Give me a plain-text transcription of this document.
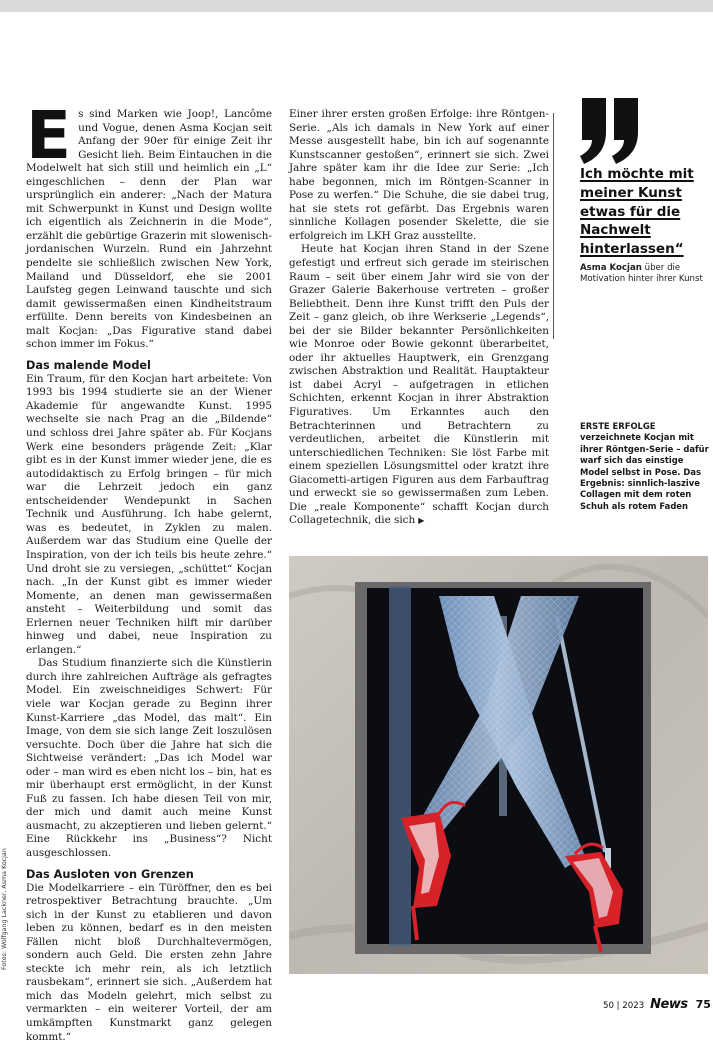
Es sind Marken wie Joop!, Lancôme und Vogue, denen Asma Kocjan seit Anfang der 90er für einige Zeit ihr Gesicht lieh. Beim Eintauchen in die Modelwelt hat sich still und heimlich ein „L“ eingeschlichen – denn der Plan war ursprünglich ein anderer: „Nach der Matura mit Schwerpunkt in Kunst und Design wollte ich eigentlich als Zeichnerin in die Mode“, erzählt die gebürtige Grazerin mit slowenisch-jordanischen Wurzeln. Rund ein Jahrzehnt pendelte sie schließlich zwischen New York, Mailand und Düsseldorf, ehe sie 2001 Laufsteg gegen Leinwand tauschte und sich damit gewissermaßen einen Kindheitstraum erfüllte. Denn bereits von Kindesbeinen an malt Kocjan: „Das Figurative stand dabei schon immer im Fokus.“

Das malende Model

Ein Traum, für den Kocjan hart arbeitete: Von 1993 bis 1994 studierte sie an der Wiener Akademie für angewandte Kunst. 1995 wechselte sie nach Prag an die „Bildende“ und schloss drei Jahre später ab. Für Kocjans Werk eine besonders prägende Zeit: „Klar gibt es in der Kunst immer wieder jene, die es autodidaktisch zu Erfolg bringen – für mich war die Lehrzeit jedoch ein ganz entscheidender Wendepunkt in Sachen Technik und Ausführung. Ich habe gelernt, was es bedeutet, in Zyklen zu malen. Außerdem war das Studium eine Quelle der Inspiration, von der ich teils bis heute zehre.“ Und droht sie zu versiegen, „schüttet“ Kocjan nach. „In der Kunst gibt es immer wieder Momente, an denen man gewissermaßen ansteht – Weiterbildung und somit das Erlernen neuer Techniken hilft mir darüber hinweg und dabei, neue Inspiration zu erlangen.“

Das Studium finanzierte sich die Künstlerin durch ihre zahlreichen Aufträge als gefragtes Model. Ein zweischneidiges Schwert: Für viele war Kocjan gerade zu Beginn ihrer Kunst-Karriere „das Model, das malt“. Ein Image, von dem sie sich lange Zeit loszulösen versuchte. Doch über die Jahre hat sich die Sichtweise verändert: „Das ich Model war oder – man wird es eben nicht los – bin, hat es mir überhaupt erst ermöglicht, in der Kunst Fuß zu fassen. Ich habe diesen Teil von mir, der mich und damit auch meine Kunst ausmacht, zu akzeptieren und lieben gelernt.“ Eine Rückkehr ins „Business“? Nicht ausgeschlossen.

Das Ausloten von Grenzen

Die Modelkarriere – ein Türöffner, den es bei retrospektiver Betrachtung brauchte. „Um sich in der Kunst zu etablieren und davon leben zu können, bedarf es in den meisten Fällen nicht bloß Durchhaltevermögen, sondern auch Geld. Die ersten zehn Jahre steckte ich mehr rein, als ich letztlich rausbekam“, erinnert sie sich. „Außerdem hat mich das Modeln gelehrt, mich selbst zu vermarkten – ein weiterer Vorteil, der am umkämpften Kunstmarkt ganz gelegen kommt.“

Einer ihrer ersten großen Erfolge: ihre Röntgen-Serie. „Als ich damals in New York auf einer Messe ausgestellt habe, bin ich auf sogenannte Kunstscanner gestoßen“, erinnert sie sich. Zwei Jahre später kam ihr die Idee zur Serie: „Ich habe begonnen, mich im Röntgen-Scanner in Pose zu werfen.“ Die Schuhe, die sie dabei trug, hat sie stets rot gefärbt. Das Ergebnis waren sinnliche Kollagen posender Skelette, die sie erfolgreich im LKH Graz ausstellte.

Heute hat Kocjan ihren Stand in der Szene gefestigt und erfreut sich gerade im steirischen Raum – seit über einem Jahr wird sie von der Grazer Galerie Bakerhouse vertreten – großer Beliebtheit. Denn ihre Kunst trifft den Puls der Zeit – ganz gleich, ob ihre Werkserie „Legends“, bei der sie Bilder bekannter Persönlichkeiten wie Monroe oder Bowie gekonnt überarbeitet, oder ihr aktuelles Hauptwerk, ein Grenzgang zwischen Abstraktion und Realität. Hauptakteur ist dabei Acryl – aufgetragen in etlichen Schichten, erkennt Kocjan in ihrer Abstraktion Figuratives. Um Erkanntes auch den Betrachterinnen und Betrachtern zu verdeutlichen, arbeitet die Künstlerin mit unterschiedlichen Techniken: Sie löst Farbe mit einem speziellen Lösungsmittel oder kratzt ihre Giacometti-artigen Figuren aus dem Farbauftrag und erweckt sie so gewissermaßen zum Leben. Die „reale Komponente“ schafft Kocjan durch Collagetechnik, die sich ▶

Ich möchte mit
meiner Kunst
etwas für die
Nachwelt
hinterlassen“
Asma Kocjan über die Motivation hinter ihrer Kunst
ERSTE ERFOLGE verzeichnete Kocjan mit ihrer Röntgen-Serie – dafür warf sich das einstige Model selbst in Pose. Das Ergebnis: sinnlich-laszive Collagen mit dem roten Schuh als rotem Faden
Fotos: Wolfgang Lackner, Asma Kocjan
50 | 2023 News 75
